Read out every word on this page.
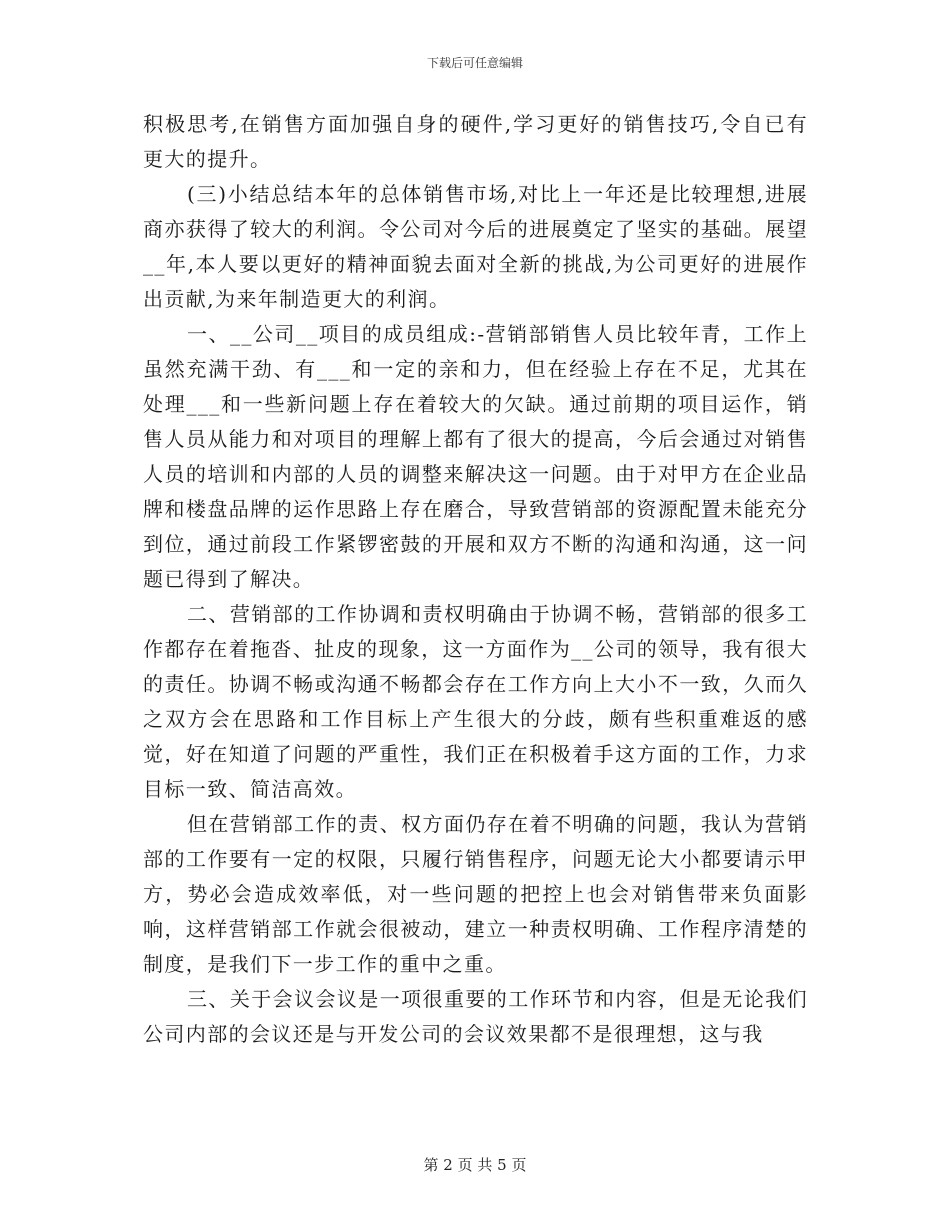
下载后可任意编辑

积极思考,在销售方面加强自身的硬件,学习更好的销售技巧,令自已有更大的提升。

(三)小结总结本年的总体销售市场,对比上一年还是比较理想,进展商亦获得了较大的利润。令公司对今后的进展奠定了坚实的基础。展望__年,本人要以更好的精神面貌去面对全新的挑战,为公司更好的进展作出贡献,为来年制造更大的利润。

一、__公司__项目的成员组成:-营销部销售人员比较年青，工作上虽然充满干劲、有___和一定的亲和力，但在经验上存在不足，尤其在处理___和一些新问题上存在着较大的欠缺。通过前期的项目运作，销售人员从能力和对项目的理解上都有了很大的提高，今后会通过对销售人员的培训和内部的人员的调整来解决这一问题。由于对甲方在企业品牌和楼盘品牌的运作思路上存在磨合，导致营销部的资源配置未能充分到位，通过前段工作紧锣密鼓的开展和双方不断的沟通和沟通，这一问题已得到了解决。

二、营销部的工作协调和责权明确由于协调不畅，营销部的很多工作都存在着拖沓、扯皮的现象，这一方面作为__公司的领导，我有很大的责任。协调不畅或沟通不畅都会存在工作方向上大小不一致，久而久之双方会在思路和工作目标上产生很大的分歧，颇有些积重难返的感觉，好在知道了问题的严重性，我们正在积极着手这方面的工作，力求目标一致、简洁高效。

但在营销部工作的责、权方面仍存在着不明确的问题，我认为营销部的工作要有一定的权限，只履行销售程序，问题无论大小都要请示甲方，势必会造成效率低，对一些问题的把控上也会对销售带来负面影响，这样营销部工作就会很被动，建立一种责权明确、工作程序清楚的制度，是我们下一步工作的重中之重。

三、关于会议会议是一项很重要的工作环节和内容，但是无论我们公司内部的会议还是与开发公司的会议效果都不是很理想，这与我

第 2 页 共 5 页
